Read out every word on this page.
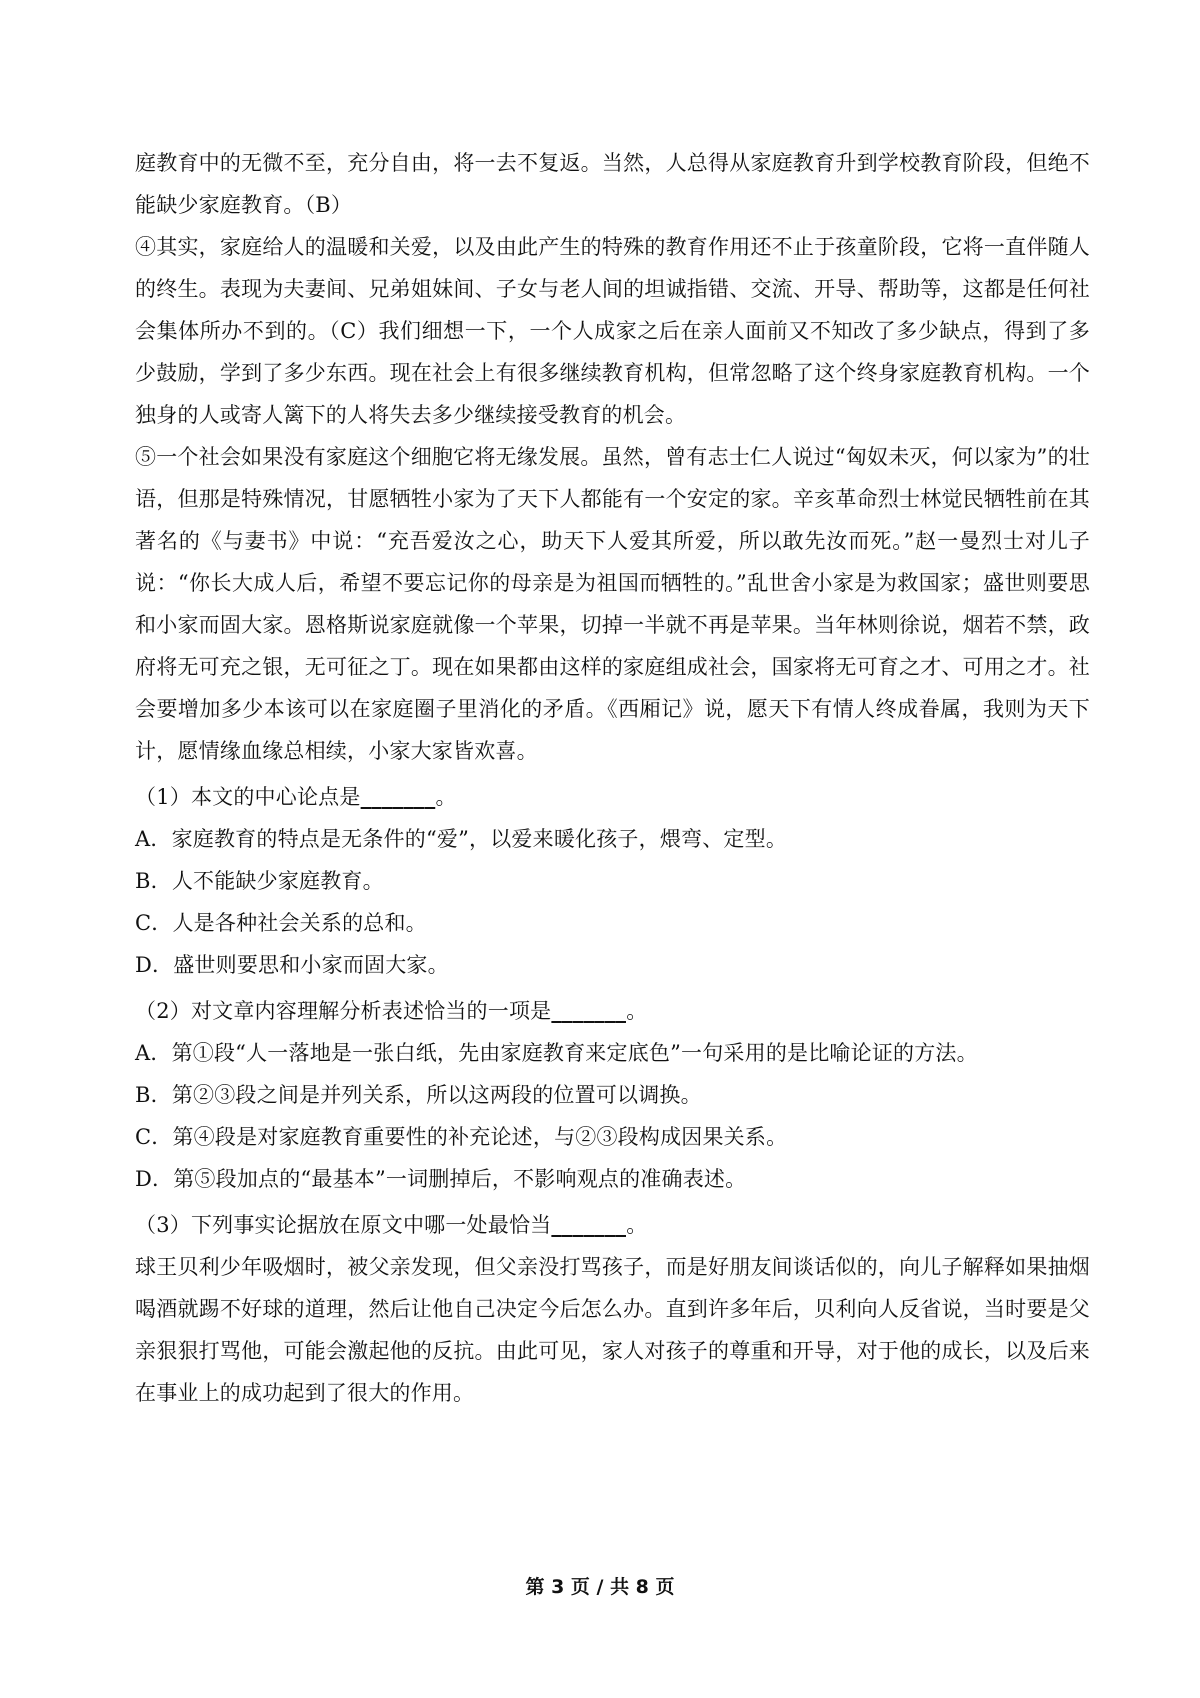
庭教育中的无微不至，充分自由，将一去不复返。当然，人总得从家庭教育升到学校教育阶段，但绝不能缺少家庭教育。（B）

④其实，家庭给人的温暖和关爱，以及由此产生的特殊的教育作用还不止于孩童阶段，它将一直伴随人的终生。表现为夫妻间、兄弟姐妹间、子女与老人间的坦诚指错、交流、开导、帮助等，这都是任何社会集体所办不到的。（C）我们细想一下，一个人成家之后在亲人面前又不知改了多少缺点，得到了多少鼓励，学到了多少东西。现在社会上有很多继续教育机构，但常忽略了这个终身家庭教育机构。一个独身的人或寄人篱下的人将失去多少继续接受教育的机会。

⑤一个社会如果没有家庭这个细胞它将无缘发展。虽然，曾有志士仁人说过“匈奴未灭，何以家为”的壮语，但那是特殊情况，甘愿牺牲小家为了天下人都能有一个安定的家。辛亥革命烈士林觉民牺牲前在其著名的《与妻书》中说：“充吾爱汝之心，助天下人爱其所爱，所以敢先汝而死。”赵一曼烈士对儿子说：“你长大成人后，希望不要忘记你的母亲是为祖国而牺牲的。”乱世舍小家是为救国家；盛世则要思和小家而固大家。恩格斯说家庭就像一个苹果，切掉一半就不再是苹果。当年林则徐说，烟若不禁，政府将无可充之银，无可征之丁。现在如果都由这样的家庭组成社会，国家将无可育之才、可用之才。社会要增加多少本该可以在家庭圈子里消化的矛盾。《西厢记》说，愿天下有情人终成眷属，我则为天下计，愿情缘血缘总相续，小家大家皆欢喜。

（1）本文的中心论点是_______。

A．家庭教育的特点是无条件的“爱”，以爱来暖化孩子，煨弯、定型。

B．人不能缺少家庭教育。

C．人是各种社会关系的总和。

D．盛世则要思和小家而固大家。

（2）对文章内容理解分析表述恰当的一项是_______。

A．第①段“人一落地是一张白纸，先由家庭教育来定底色”一句采用的是比喻论证的方法。

B．第②③段之间是并列关系，所以这两段的位置可以调换。

C．第④段是对家庭教育重要性的补充论述，与②③段构成因果关系。

D．第⑤段加点的“最基本”一词删掉后，不影响观点的准确表述。

（3）下列事实论据放在原文中哪一处最恰当_______。

球王贝利少年吸烟时，被父亲发现，但父亲没打骂孩子，而是好朋友间谈话似的，向儿子解释如果抽烟喝酒就踢不好球的道理，然后让他自己决定今后怎么办。直到许多年后，贝利向人反省说，当时要是父亲狠狠打骂他，可能会激起他的反抗。由此可见，家人对孩子的尊重和开导，对于他的成长，以及后来在事业上的成功起到了很大的作用。

第 3 页 / 共 8 页
